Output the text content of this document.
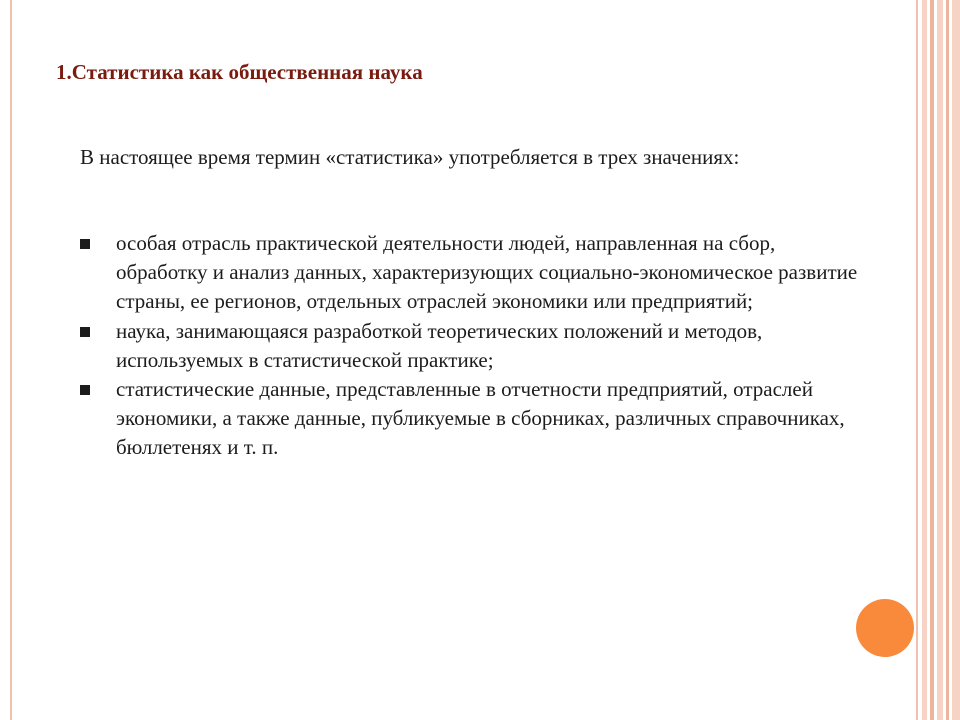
1.Статистика как общественная наука

В настоящее время термин «статистика» употребляется в трех значениях:

особая отрасль практической деятельности людей, направленная на сбор, обработку и анализ данных, характеризующих социально-экономическое развитие страны, ее регионов, отдельных отраслей экономики или предприятий;
наука, занимающаяся разработкой теоретических положений и методов, используемых в статистической практике;
статистические данные, представленные в отчетности предприятий, отраслей экономики, а также данные, публикуемые в сборниках, различных справочниках, бюллетенях и т. п.
